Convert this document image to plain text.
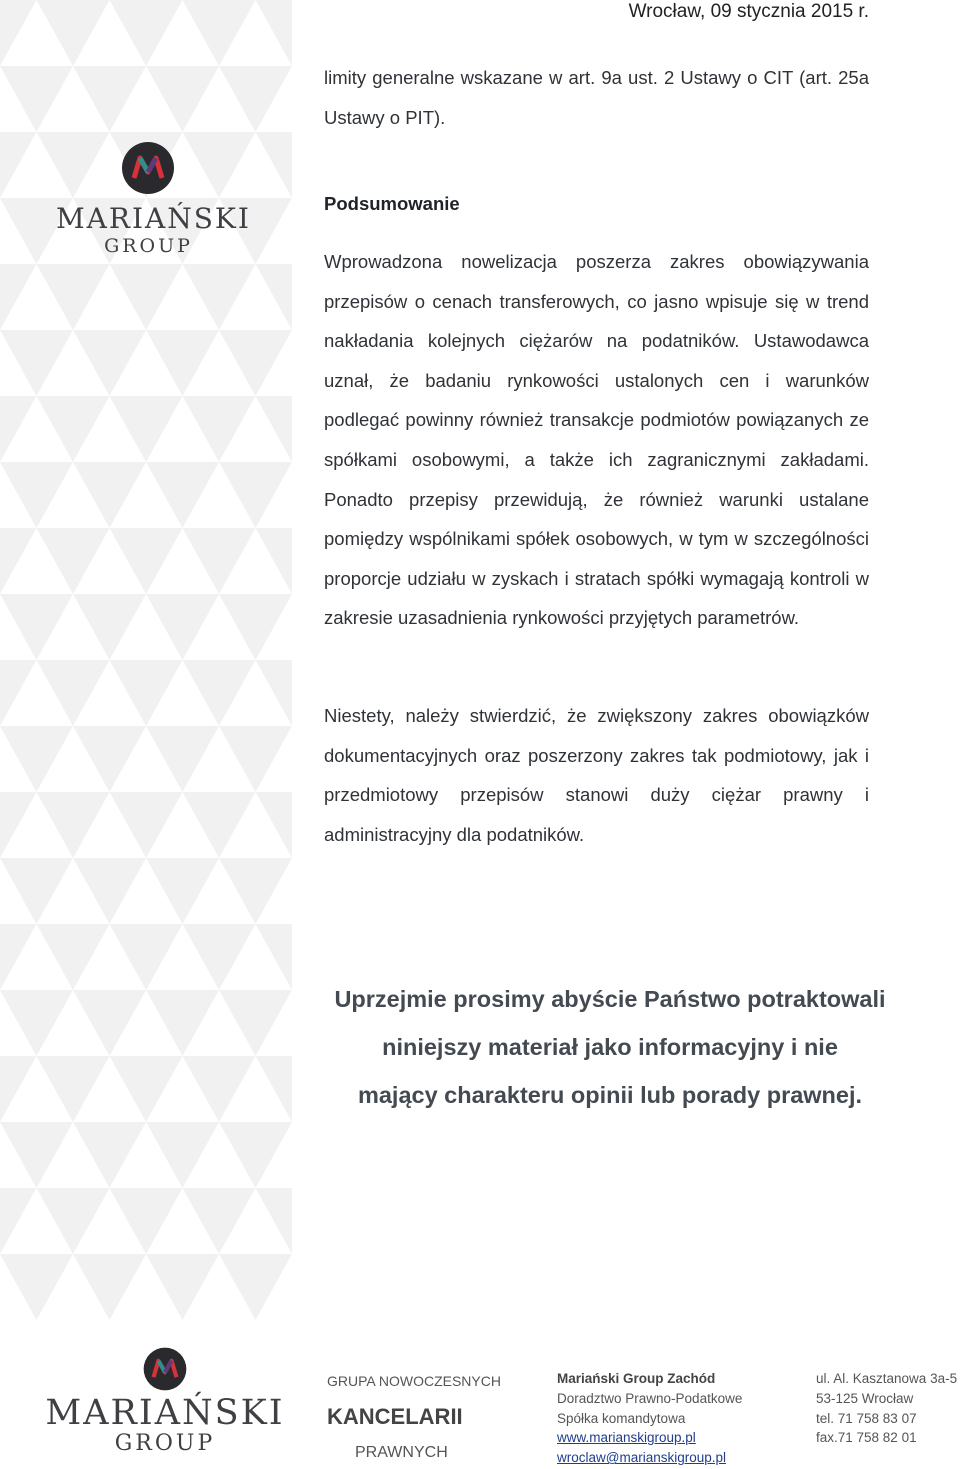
Wrocław, 09 stycznia 2015 r.
MARIAŃSKI
GROUP

limity generalne wskazane w art. 9a ust. 2 Ustawy o CIT (art. 25a Ustawy o PIT).

Podsumowanie

Wprowadzona nowelizacja poszerza zakres obowiązywania przepisów o cenach transferowych, co jasno wpisuje się w trend nakładania kolejnych ciężarów na podatników. Ustawodawca uznał, że badaniu rynkowości ustalonych cen i warunków podlegać powinny również transakcje podmiotów powiązanych ze spółkami osobowymi, a także ich zagranicznymi zakładami. Ponadto przepisy przewidują, że również warunki ustalane pomiędzy wspólnikami spółek osobowych, w tym w szczególności proporcje udziału w zyskach i stratach spółki wymagają kontroli w zakresie uzasadnienia rynkowości przyjętych parametrów.

Niestety, należy stwierdzić, że zwiększony zakres obowiązków dokumentacyjnych oraz poszerzony zakres tak podmiotowy, jak i przedmiotowy przepisów stanowi duży ciężar prawny i administracyjny dla podatników.

Uprzejmie prosimy abyście Państwo potraktowali
niniejszy materiał jako informacyjny i nie
mający charakteru opinii lub porady prawnej.
MARIAŃSKI
GROUP
GRUPA NOWOCZESNYCH
KANCELARII
PRAWNYCH
Mariański Group Zachód
Doradztwo Prawno-Podatkowe
Spółka komandytowa
www.marianskigroup.pl
wroclaw@marianskigroup.pl
ul. Al. Kasztanowa 3a-5
53-125 Wrocław
tel. 71 758 83 07
fax.71 758 82 01
